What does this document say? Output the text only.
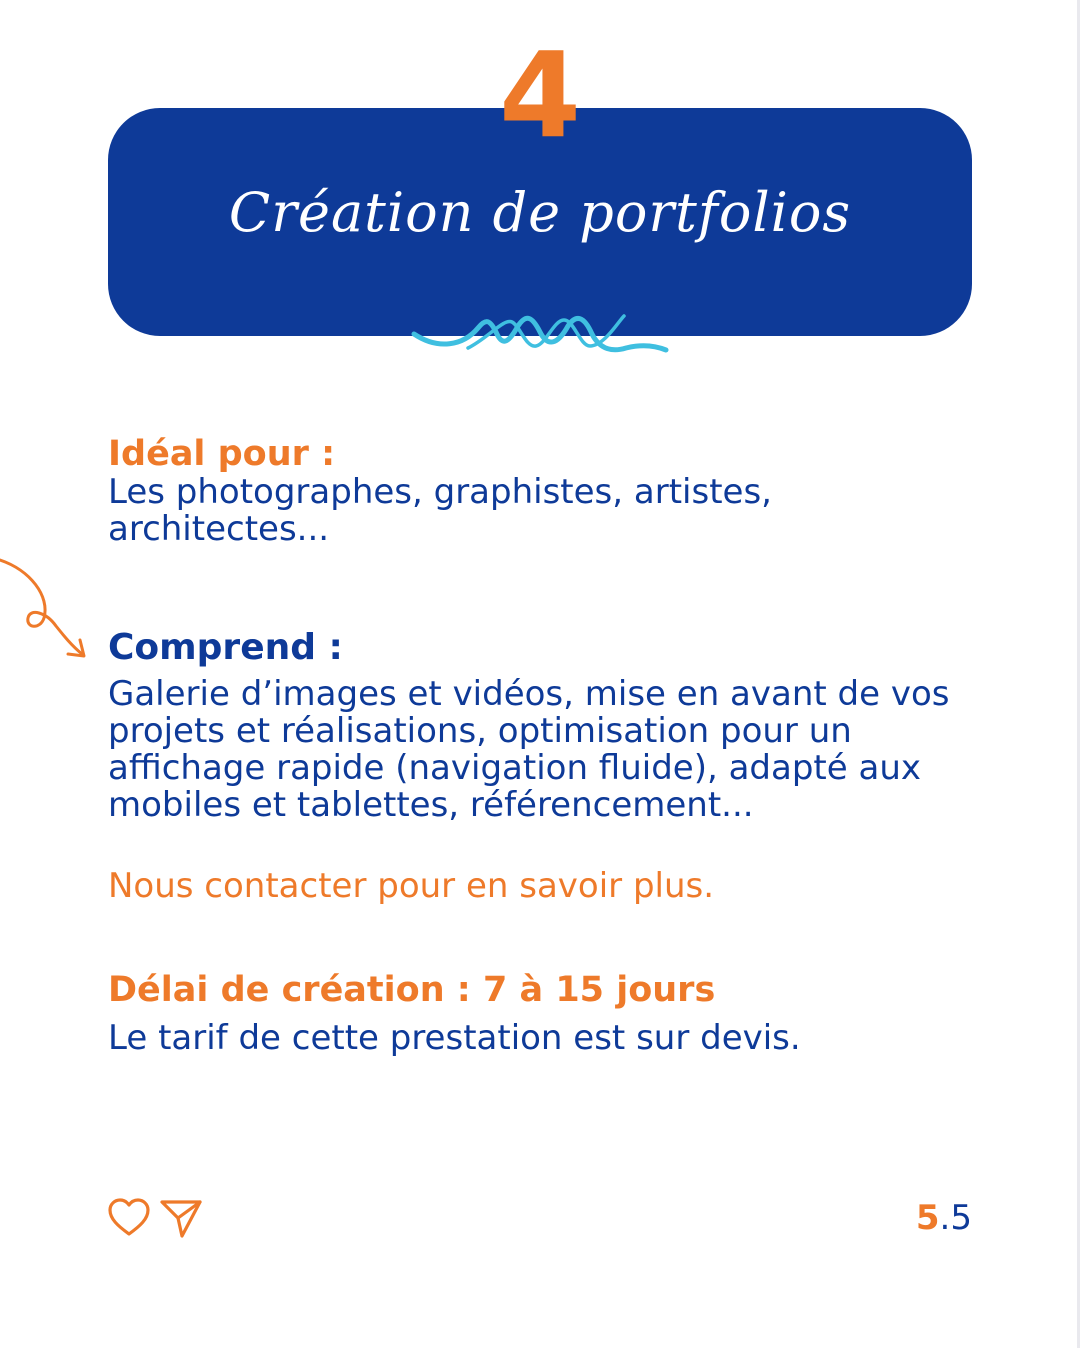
4
Création de portfolios
Idéal pour :
Les photographes, graphistes, artistes, architectes...
Comprend :
Galerie d’images et vidéos, mise en avant de vos projets et réalisations, optimisation pour un affichage rapide (navigation fluide), adapté aux mobiles et tablettes, référencement...
Nous contacter pour en savoir plus.
Délai de création : 7 à 15 jours
Le tarif de cette prestation est sur devis.
5.5
